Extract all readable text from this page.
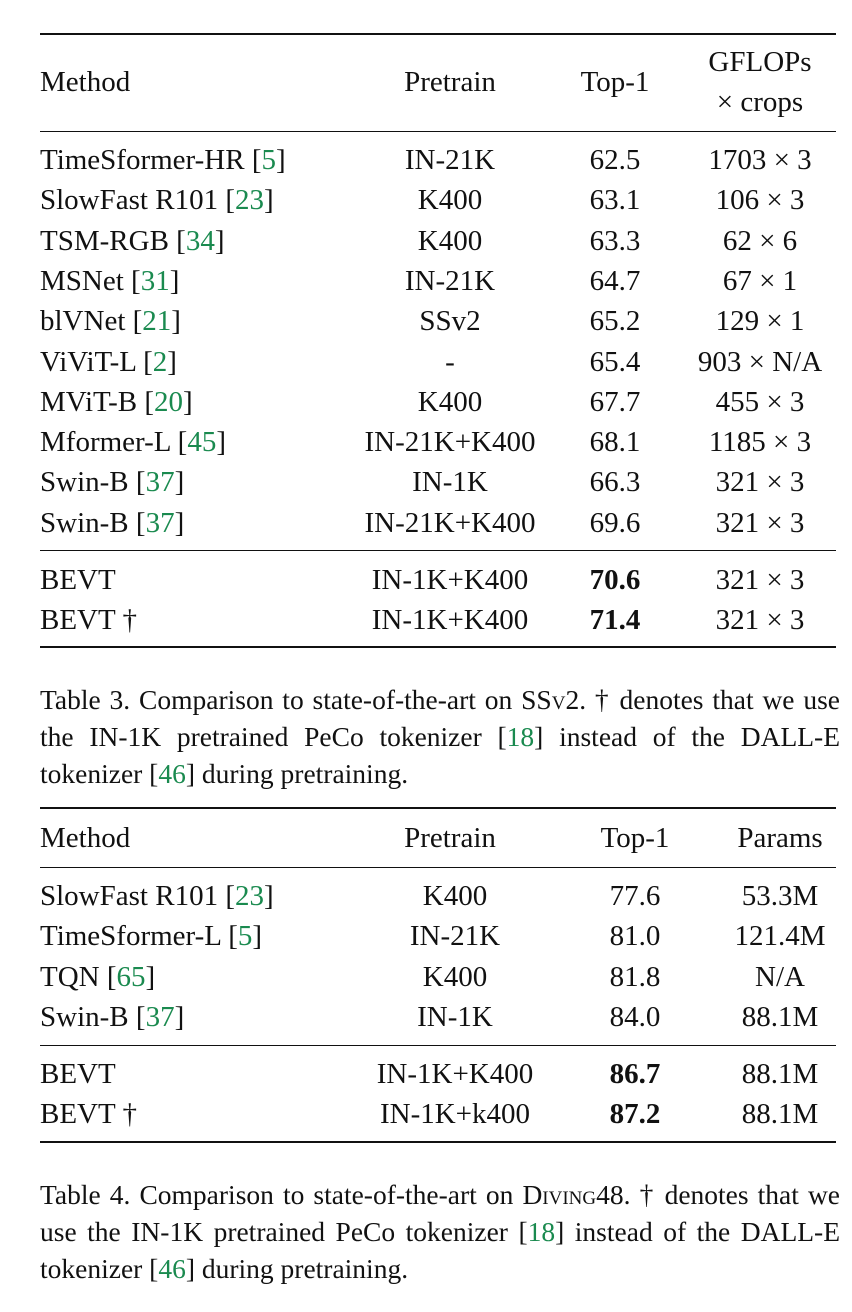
Method	Pretrain	Top-1
GFLOPs
× crops
TimeSformer-HR [5]	IN-21K	62.5	1703 × 3
SlowFast R101 [23]	K400	63.1	106 × 3
TSM-RGB [34]	K400	63.3	62 × 6
MSNet [31]	IN-21K	64.7	67 × 1
blVNet [21]	SSv2	65.2	129 × 1
ViViT-L [2]	-	65.4	903 × N/A
MViT-B [20]	K400	67.7	455 × 3
Mformer-L [45]	IN-21K+K400	68.1	1185 × 3
Swin-B [37]	IN-1K	66.3	321 × 3
Swin-B [37]	IN-21K+K400	69.6	321 × 3
BEVT	IN-1K+K400	70.6	321 × 3
BEVT †	IN-1K+K400	71.4	321 × 3
Table 3. Comparison to state-of-the-art on SSv2. † denotes that we use the IN-1K pretrained PeCo tokenizer [18] instead of the DALL-E tokenizer [46] during pretraining.
Method	Pretrain	Top-1	Params
SlowFast R101 [23]	K400	77.6	53.3M
TimeSformer-L [5]	IN-21K	81.0	121.4M
TQN [65]	K400	81.8	N/A
Swin-B [37]	IN-1K	84.0	88.1M
BEVT	IN-1K+K400	86.7	88.1M
BEVT †	IN-1K+k400	87.2	88.1M
Table 4. Comparison to state-of-the-art on Diving48. † denotes that we use the IN-1K pretrained PeCo tokenizer [18] instead of the DALL-E tokenizer [46] during pretraining.
